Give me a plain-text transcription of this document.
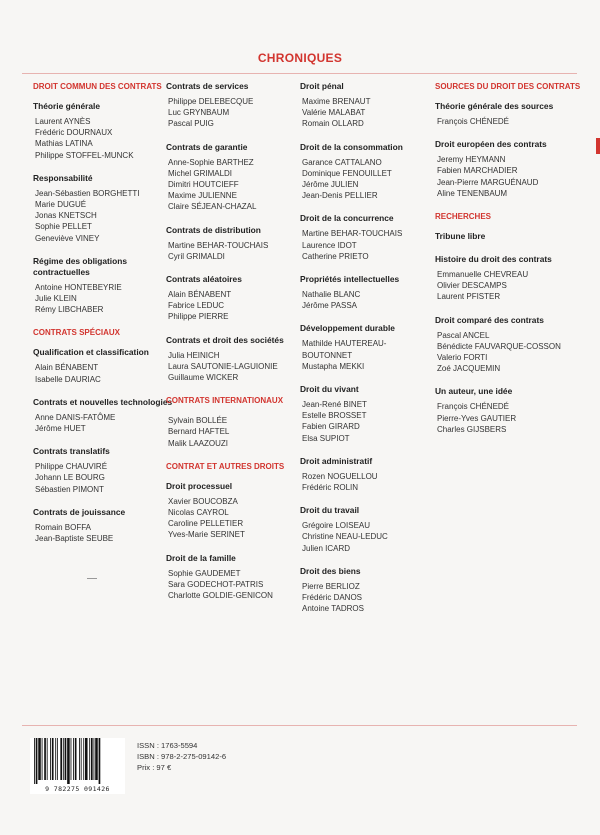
CHRONIQUES
DROIT COMMUN DES CONTRATS
Théorie générale
Laurent AYNÈS
Frédéric DOURNAUX
Mathias LATINA
Philippe STOFFEL-MUNCK
Responsabilité
Jean-Sébastien BORGHETTI
Marie DUGUÉ
Jonas KNETSCH
Sophie PELLET
Geneviève VINEY
Régime des obligations contractuelles
Antoine HONTEBEYRIE
Julie KLEIN
Rémy LIBCHABER
CONTRATS SPÉCIAUX
Qualification et classification
Alain BÉNABENT
Isabelle DAURIAC
Contrats et nouvelles technologies
Anne DANIS-FATÔME
Jérôme HUET
Contrats translatifs
Philippe CHAUVIRÉ
Johann LE BOURG
Sébastien PIMONT
Contrats de jouissance
Romain BOFFA
Jean-Baptiste SEUBE
Contrats de services
Philippe DELEBECQUE
Luc GRYNBAUM
Pascal PUIG
Contrats de garantie
Anne-Sophie BARTHEZ
Michel GRIMALDI
Dimitri HOUTCIEFF
Maxime JULIENNE
Claire SÉJEAN-CHAZAL
Contrats de distribution
Martine BEHAR-TOUCHAIS
Cyril GRIMALDI
Contrats aléatoires
Alain BÉNABENT
Fabrice LEDUC
Philippe PIERRE
Contrats et droit des sociétés
Julia HEINICH
Laura SAUTONIE-LAGUIONIE
Guillaume WICKER
CONTRATS INTERNATIONAUX
Sylvain BOLLÉE
Bernard HAFTEL
Malik LAAZOUZI
CONTRAT ET AUTRES DROITS
Droit processuel
Xavier BOUCOBZA
Nicolas CAYROL
Caroline PELLETIER
Yves-Marie SERINET
Droit de la famille
Sophie GAUDEMET
Sara GODECHOT-PATRIS
Charlotte GOLDIE-GENICON
Droit pénal
Maxime BRENAUT
Valérie MALABAT
Romain OLLARD
Droit de la consommation
Garance CATTALANO
Dominique FENOUILLET
Jérôme JULIEN
Jean-Denis PELLIER
Droit de la concurrence
Martine BEHAR-TOUCHAIS
Laurence IDOT
Catherine PRIETO
Propriétés intellectuelles
Nathalie BLANC
Jérôme PASSA
Développement durable
Mathilde HAUTEREAU-
BOUTONNET
Mustapha MEKKI
Droit du vivant
Jean-René BINET
Estelle BROSSET
Fabien GIRARD
Elsa SUPIOT
Droit administratif
Rozen NOGUELLOU
Frédéric ROLIN
Droit du travail
Grégoire LOISEAU
Christine NEAU-LEDUC
Julien ICARD
Droit des biens
Pierre BERLIOZ
Frédéric DANOS
Antoine TADROS
SOURCES DU DROIT DES CONTRATS
Théorie générale des sources
François CHÉNEDÉ
Droit européen des contrats
Jeremy HEYMANN
Fabien MARCHADIER
Jean-Pierre MARGUÉNAUD
Aline TENENBAUM
RECHERCHES
Tribune libre
Histoire du droit des contrats
Emmanuelle CHEVREAU
Olivier DESCAMPS
Laurent PFISTER
Droit comparé des contrats
Pascal ANCEL
Bénédicte FAUVARQUE-COSSON
Valerio FORTI
Zoé JACQUEMIN
Un auteur, une idée
François CHÉNEDÉ
Pierre-Yves GAUTIER
Charles GIJSBERS
9 782275 091426
ISSN : 1763-5594
ISBN : 978-2-275-09142-6
Prix : 97 €
